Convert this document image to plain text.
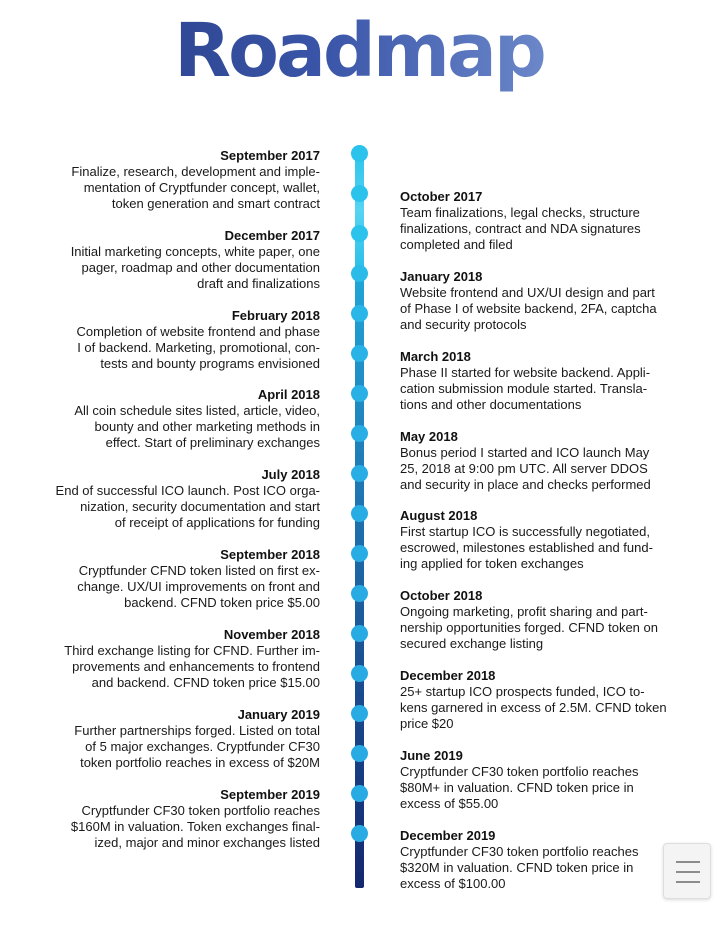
Roadmap
September 2017
Finalize, research, development and imple-
mentation of Cryptfunder concept, wallet,
token generation and smart contract
December 2017
Initial marketing concepts, white paper, one
pager, roadmap and other documentation
draft and finalizations
February 2018
Completion of website frontend and phase
I of backend. Marketing, promotional, con-
tests and bounty programs envisioned
April 2018
All coin schedule sites listed, article, video,
bounty and other marketing methods in
effect. Start of preliminary exchanges
July 2018
End of successful ICO launch. Post ICO orga-
nization, security documentation and start
of receipt of applications for funding
September 2018
Cryptfunder CFND token listed on first ex-
change. UX/UI improvements on front and
backend. CFND token price $5.00
November 2018
Third exchange listing for CFND. Further im-
provements and enhancements to frontend
and backend. CFND token price $15.00
January 2019
Further partnerships forged. Listed on total
of 5 major exchanges. Cryptfunder CF30
token portfolio reaches in excess of $20M
September 2019
Cryptfunder CF30 token portfolio reaches
$160M in valuation. Token exchanges final-
ized, major and minor exchanges listed
October 2017
Team finalizations, legal checks, structure
finalizations, contract and NDA signatures
completed and filed
January 2018
Website frontend and UX/UI design and part
of Phase I of website backend, 2FA, captcha
and security protocols
March 2018
Phase II started for website backend. Appli-
cation submission module started. Transla-
tions and other documentations
May 2018
Bonus period I started and ICO launch May
25, 2018 at 9:00 pm UTC. All server DDOS
and security in place and checks performed
August 2018
First startup ICO is successfully negotiated,
escrowed, milestones established and fund-
ing applied for token exchanges
October 2018
Ongoing marketing, profit sharing and part-
nership opportunities forged. CFND token on
secured exchange listing
December 2018
25+ startup ICO prospects funded, ICO to-
kens garnered in excess of 2.5M. CFND token
price $20
June 2019
Cryptfunder CF30 token portfolio reaches
$80M+ in valuation. CFND token price in
excess of $55.00
December 2019
Cryptfunder CF30 token portfolio reaches
$320M in valuation. CFND token price in
excess of $100.00
